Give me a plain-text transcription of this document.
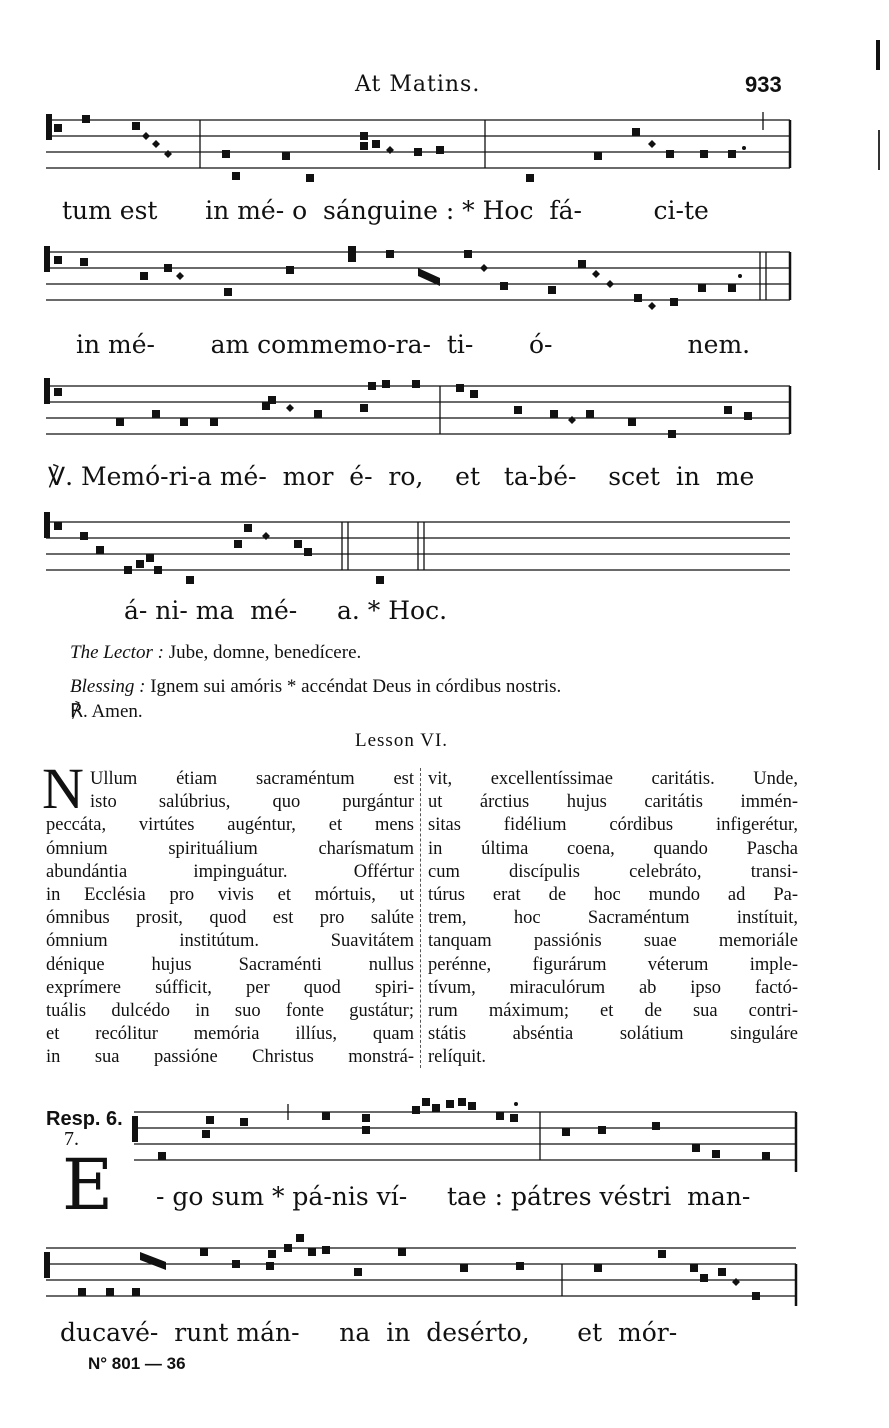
At Matins.	933
tum est      in mé- o  sánguine : * Hoc  fá-         ci-te
in mé-       am commemo-ra-  ti-       ó-                 nem.
℣. Memó-ri-a mé-  mor  é-  ro,    et   ta-bé-    scet  in  me
á- ni- ma  mé-     a. * Hoc.
The Lector : Jube, domne, benedícere.
Blessing : Ignem sui amóris * accéndat Deus in córdibus nostris.
℟. Amen.
Lesson VI.
N Ullum étiam sacraméntum est
isto salúbrius, quo purgántur
peccáta, virtútes augéntur, et mens
ómnium spirituálium charísmatum
abundántia impinguátur. Offértur
in Ecclésia pro vivis et mórtuis, ut
ómnibus prosit, quod est pro salúte
ómnium institútum. Suavitátem
dénique hujus Sacraménti nullus
exprímere súfficit, per quod spiri-
tuális dulcédo in suo fonte gustátur;
et recólitur memória illíus, quam
in sua passióne Christus monstrá-
vit, excellentíssimae caritátis. Unde,
ut árctius hujus caritátis immén-
sitas fidélium córdibus infigerétur,
in última coena, quando Pascha
cum discípulis celebráto, transi-
túrus erat de hoc mundo ad Pa-
trem, hoc Sacraméntum instítuit,
tanquam passiónis suae memoriále
perénne, figurárum véterum imple-
tívum, miraculórum ab ipso factó-
rum máximum; et de sua contri-
státis abséntia solátium singuláre
relíquit.
Resp. 6.
7.
E - go sum * pá-nis ví-     tae : pátres véstri  man-
ducavé-  runt mán-     na  in  desérto,      et  mór-
N° 801 — 36
